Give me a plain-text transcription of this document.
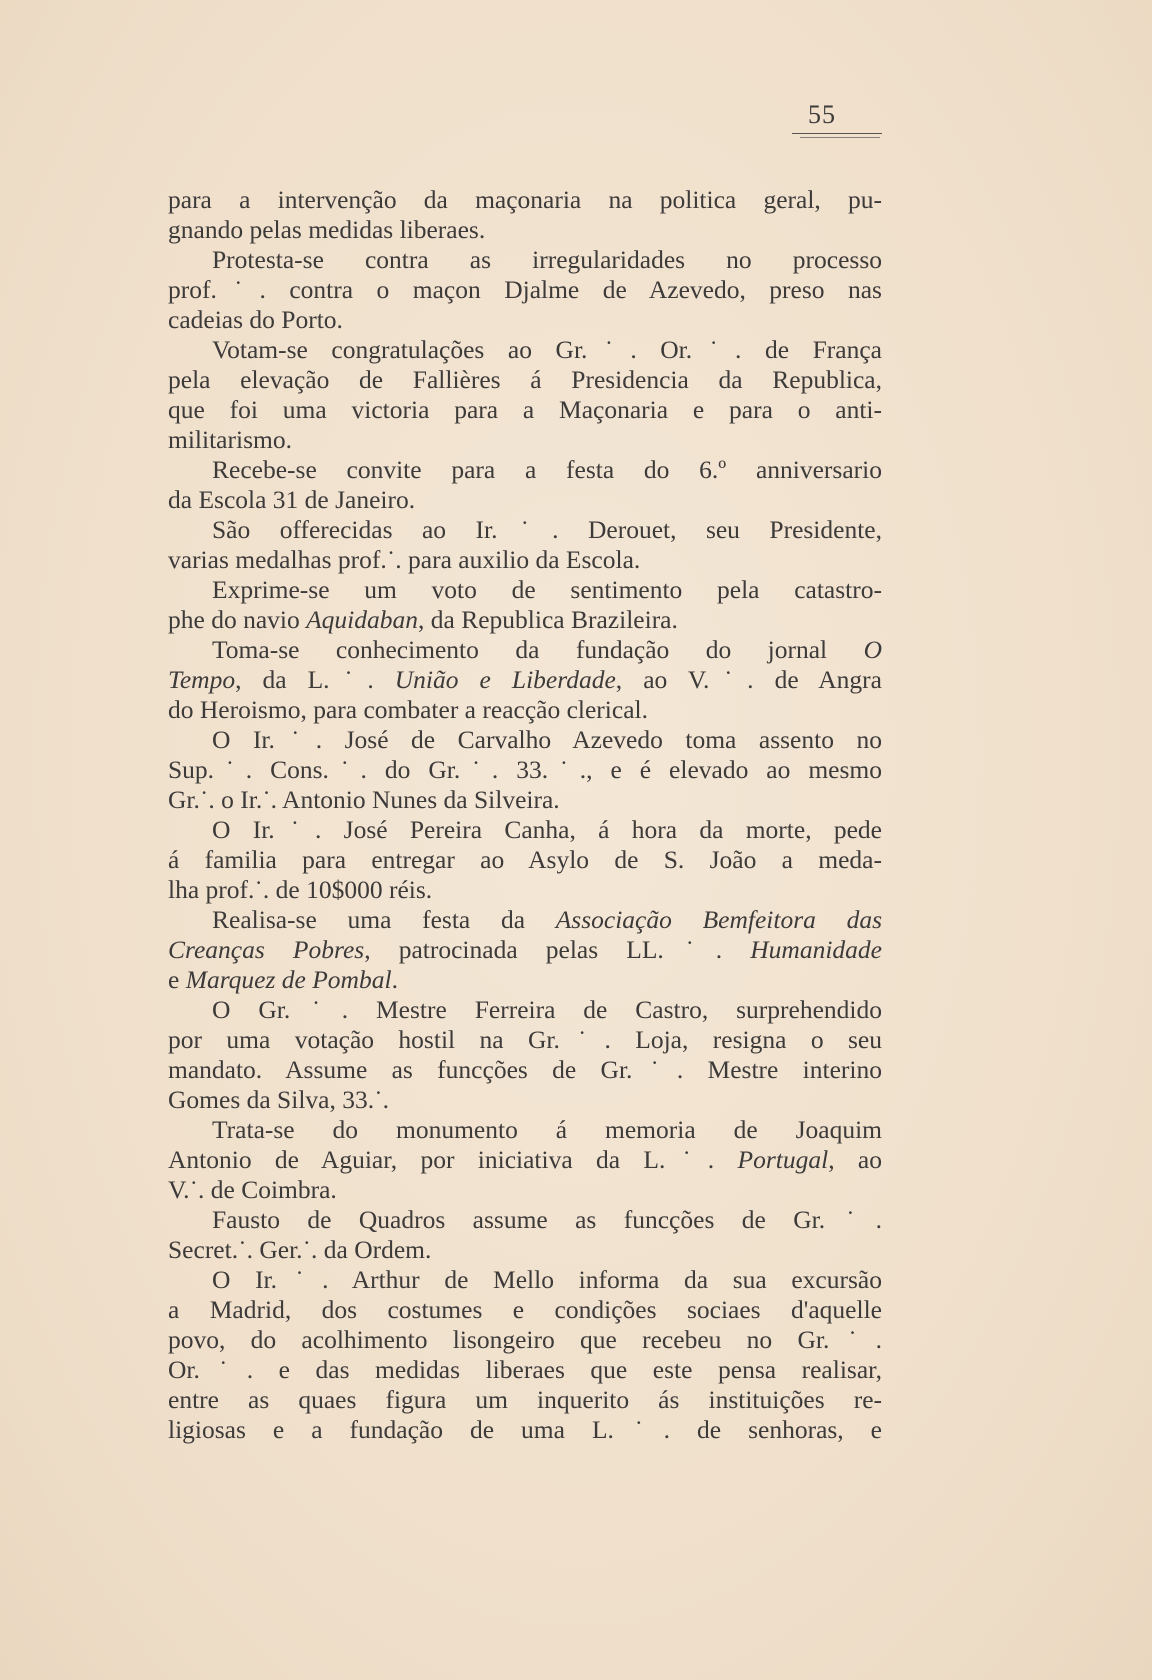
55
para a intervenção da maçonaria na politica geral, pu-
gnando pelas medidas liberaes.
Protesta-se contra as irregularidades no processo
prof.˙. contra o maçon Djalme de Azevedo, preso nas
cadeias do Porto.
Votam-se congratulações ao Gr.˙. Or.˙. de França
pela elevação de Fallières á Presidencia da Republica,
que foi uma victoria para a Maçonaria e para o anti-
militarismo.
Recebe-se convite para a festa do 6.º anniversario
da Escola 31 de Janeiro.
São offerecidas ao Ir.˙. Derouet, seu Presidente,
varias medalhas prof.˙. para auxilio da Escola.
Exprime-se um voto de sentimento pela catastro-
phe do navio Aquidaban, da Republica Brazileira.
Toma-se conhecimento da fundação do jornal O
Tempo, da L.˙. União e Liberdade, ao V.˙. de Angra
do Heroismo, para combater a reacção clerical.
O Ir.˙. José de Carvalho Azevedo toma assento no
Sup.˙. Cons.˙. do Gr.˙. 33.˙., e é elevado ao mesmo
Gr.˙. o Ir.˙. Antonio Nunes da Silveira.
O Ir.˙. José Pereira Canha, á hora da morte, pede
á familia para entregar ao Asylo de S. João a meda-
lha prof.˙. de 10$000 réis.
Realisa-se uma festa da Associação Bemfeitora das
Creanças Pobres, patrocinada pelas LL.˙. Humanidade
e Marquez de Pombal.
O Gr.˙. Mestre Ferreira de Castro, surprehendido
por uma votação hostil na Gr.˙. Loja, resigna o seu
mandato. Assume as funcções de Gr.˙. Mestre interino
Gomes da Silva, 33.˙.
Trata-se do monumento á memoria de Joaquim
Antonio de Aguiar, por iniciativa da L.˙. Portugal, ao
V.˙. de Coimbra.
Fausto de Quadros assume as funcções de Gr.˙.
Secret.˙. Ger.˙. da Ordem.
O Ir.˙. Arthur de Mello informa da sua excursão
a Madrid, dos costumes e condições sociaes d'aquelle
povo, do acolhimento lisongeiro que recebeu no Gr.˙.
Or.˙. e das medidas liberaes que este pensa realisar,
entre as quaes figura um inquerito ás instituições re-
ligiosas e a fundação de uma L.˙. de senhoras, e
